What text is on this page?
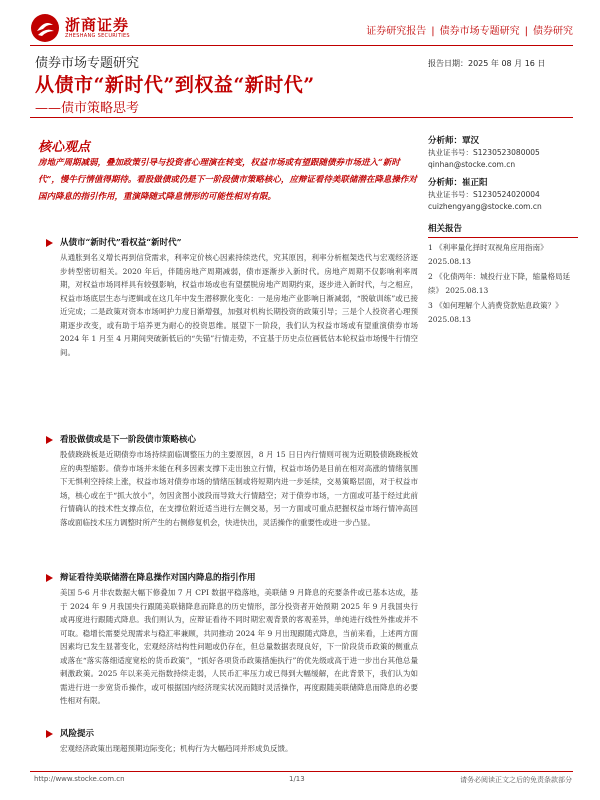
浙商证券
ZHESHANG SECURITIES	证券研究报告 | 债券市场专题研究 | 债券研究
债券市场专题研究	报告日期：2025 年 08 月 16 日
从债市“新时代”到权益“新时代”
——债市策略思考
核心观点
房地产周期减弱，叠加政策引导与投资者心理演在转变，权益市场或有望跟随债券市场进入“新时代”，慢牛行情值得期待。看股做债或仍是下一阶段债市策略核心，应辩证看待美联储潜在降息操作对国内降息的指引作用，重演降随式降息情形的可能性相对有限。
从债市“新时代”看权益“新时代”
从通胀到名义增长再到信贷需求，利率定价核心因素持续迭代，究其原因，利率分析框架迭代与宏观经济逐步转型密切相关。2020 年后，伴随房地产周期减弱，债市逐渐步入新时代。房地产周期不仅影响利率周期，对权益市场同样具有较强影响，权益市场或也有望摆脱房地产周期约束，逐步进入新时代，与之相应，权益市场底层生态与逻辑或在这几年中发生潜移默化变化：一是房地产业影响日渐减弱，“脱敏训练”或已接近完成；二是政策对资本市场呵护力度日渐增强，加强对机构长期投资的政策引导；三是个人投资者心理预期逐步改变，或有助于培养更为耐心的投资思维。展望下一阶段，我们认为权益市场或有望重演债券市场 2024 年 1 月至 4 月期间突破新低后的“失锚”行情走势，不宜基于历史点位画低估本轮权益市场慢牛行情空间。
看股做债或是下一阶段债市策略核心
股债跷跷板是近期债券市场持续面临调整压力的主要原因，8 月 15 日日内行情则可视为近期股债跷跷板效应的典型缩影。债券市场并未能在利多因素支撑下走出独立行情，权益市场仍是目前在相对高涨的情绪氛围下无惧利空持续上涨，权益市场对债券市场的情绪压制或将短期内进一步延续，交易策略层面，对于权益市场，核心或在于“抓大放小”，勿因贪图小波段而导致大行情踏空；对于债券市场，一方面或可基于经过此前行情确认的技术性支撑点位，在支撑位附近适当进行左侧交易，另一方面或可重点把握权益市场行情冲高回落或面临技术压力调整时所产生的右侧修复机会，快进快出，灵活操作的重要性或进一步凸显。
辩证看待美联储潜在降息操作对国内降息的指引作用
美国 5-6 月非农数据大幅下修叠加 7 月 CPI 数据平稳落地，美联储 9 月降息的充要条件或已基本达成，基于 2024 年 9 月我国央行跟随美联储降息而降息的历史情形，部分投资者开始预期 2025 年 9 月我国央行或再度进行跟随式降息。我们则认为，应辩证看待不同时期宏观背景的客观差异，单纯进行线性外推或并不可取。稳增长需要兑现需求与稳汇率兼顾，共同推动 2024 年 9 月出现跟随式降息，当前来看，上述两方面因素均已发生显著变化，宏观经济结构性问题或仍存在，但总量数据表现良好，下一阶段货币政策的侧重点或落在“落实落细适度宽松的货币政策”，“抓好各项货币政策措施执行”的优先级或高于进一步出台其他总量刺激政策。2025 年以来美元指数持续走弱，人民币汇率压力或已得到大幅缓解，在此背景下，我们认为如需进行进一步宽货币操作，或可根据国内经济现实状况而随时灵活操作，再度跟随美联储降息而降息的必要性相对有限。
风险提示
宏观经济政策出现超预期边际变化；机构行为大幅趋同并形成负反馈。
分析师：覃汉
执业证书号：S1230523080005
qinhan@stocke.com.cn
分析师：崔正阳
执业证书号：S1230524020004
cuizhengyang@stocke.com.cn
相关报告
1 《利率量化择时双视角应用指南》 2025.08.13
2 《化债两年：城投行业下降，缩量格局延续》 2025.08.13
3 《如何理解个人消费贷款贴息政策？》 2025.08.13
http://www.stocke.com.cn	1/13	请务必阅读正文之后的免责条款部分
